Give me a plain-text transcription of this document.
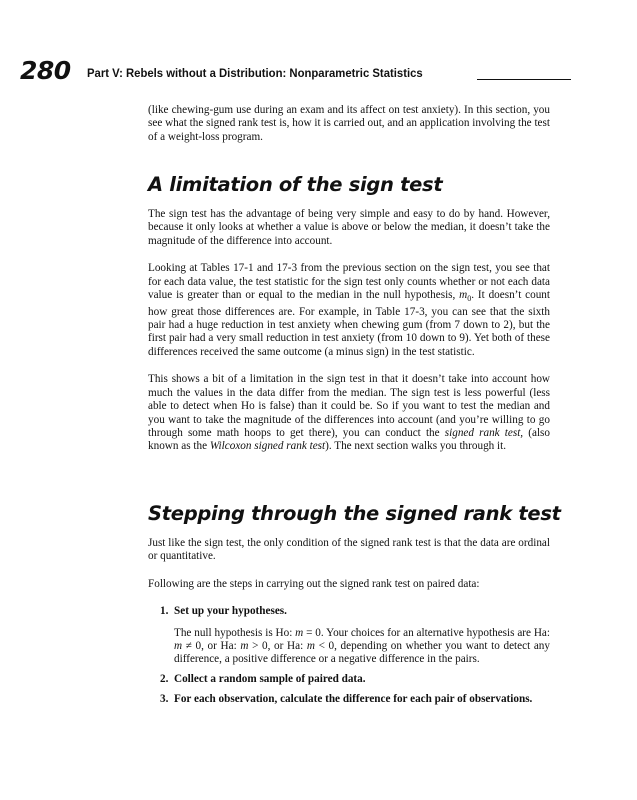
280 Part V: Rebels without a Distribution: Nonparametric Statistics

(like chewing-gum use during an exam and its affect on test anxiety). In this section, you see what the signed rank test is, how it is carried out, and an application involving the test of a weight-loss program.

A limitation of the sign test

The sign test has the advantage of being very simple and easy to do by hand. However, because it only looks at whether a value is above or below the median, it doesn’t take the magnitude of the difference into account.

Looking at Tables 17-1 and 17-3 from the previous section on the sign test, you see that for each data value, the test statistic for the sign test only counts whether or not each data value is greater than or equal to the median in the null hypothesis, $m_0$. It doesn’t count how great those differences are. For example, in Table 17-3, you can see that the sixth pair had a huge reduction in test anxiety when chewing gum (from 7 down to 2), but the first pair had a very small reduction in test anxiety (from 10 down to 9). Yet both of these differences received the same outcome (a minus sign) in the test statistic.

This shows a bit of a limitation in the sign test in that it doesn’t take into account how much the values in the data differ from the median. The sign test is less powerful (less able to detect when Ho is false) than it could be. So if you want to test the median and you want to take the magnitude of the differences into account (and you’re willing to go through some math hoops to get there), you can conduct the signed rank test, (also known as the Wilcoxon signed rank test). The next section walks you through it.

Stepping through the signed rank test

Just like the sign test, the only condition of the signed rank test is that the data are ordinal or quantitative.

Following are the steps in carrying out the signed rank test on paired data:

1. Set up your hypotheses.

The null hypothesis is Ho: m = 0. Your choices for an alternative hypothesis are Ha: m ≠ 0, or Ha: m > 0, or Ha: m < 0, depending on whether you want to detect any difference, a positive difference or a negative difference in the pairs.

2. Collect a random sample of paired data.

3. For each observation, calculate the difference for each pair of observations.
